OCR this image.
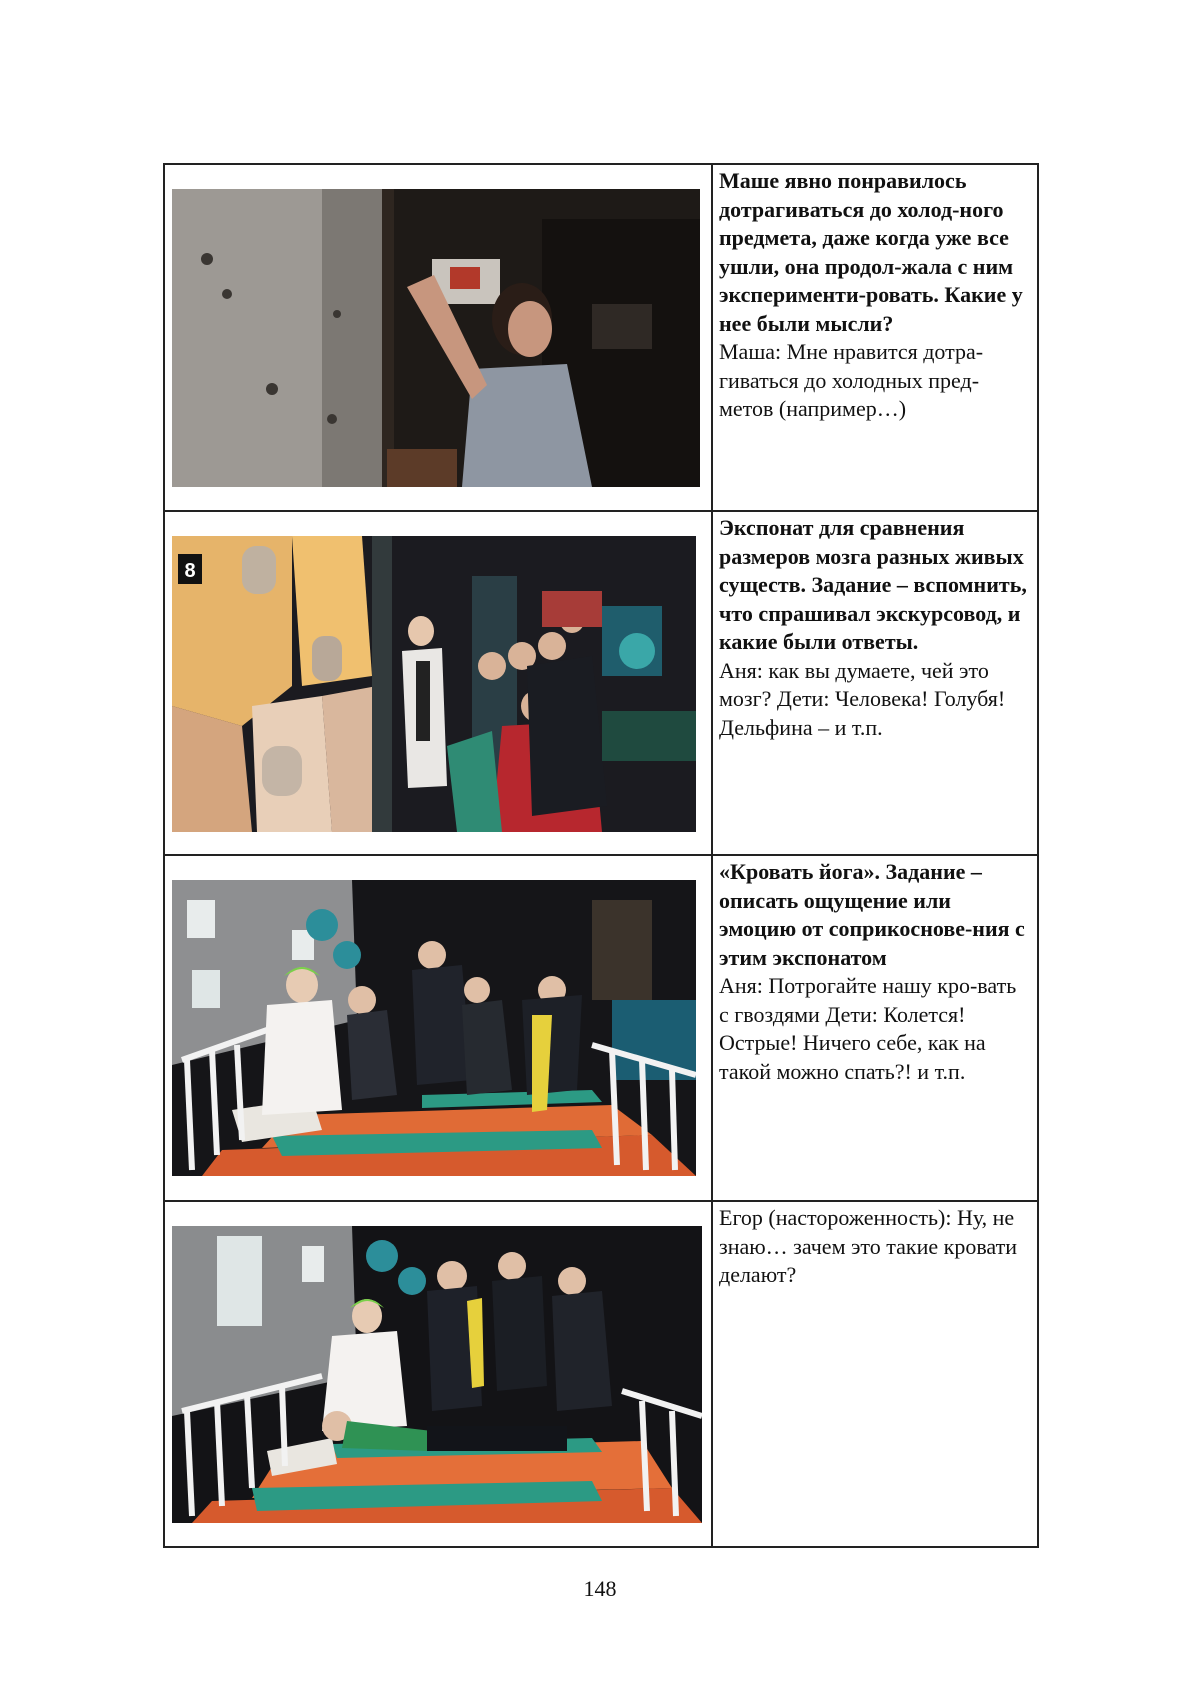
Маше явно понравилось дотрагиваться до холод-ного предмета, даже когда уже все ушли, она продол-жала с ним эксперименти-ровать. Какие у нее были мысли?
Маша: Мне нравится дотра-гиваться до холодных пред-метов (например…)

8	Экспонат для сравнения размеров мозга разных живых существ. Задание – вспомнить, что спрашивал экскурсовод, и какие были ответы.
Аня: как вы думаете, чей это мозг? Дети: Человека! Голубя! Дельфина – и т.п.

«Кровать йога». Задание – описать ощущение или эмоцию от соприкоснове-ния с этим экспонатом
Аня: Потрогайте нашу кро-вать с гвоздями Дети: Колется! Острые! Ничего себе, как на такой можно спать?! и т.п.

Егор (настороженность): Ну, не знаю… зачем это такие кровати делают?
148
